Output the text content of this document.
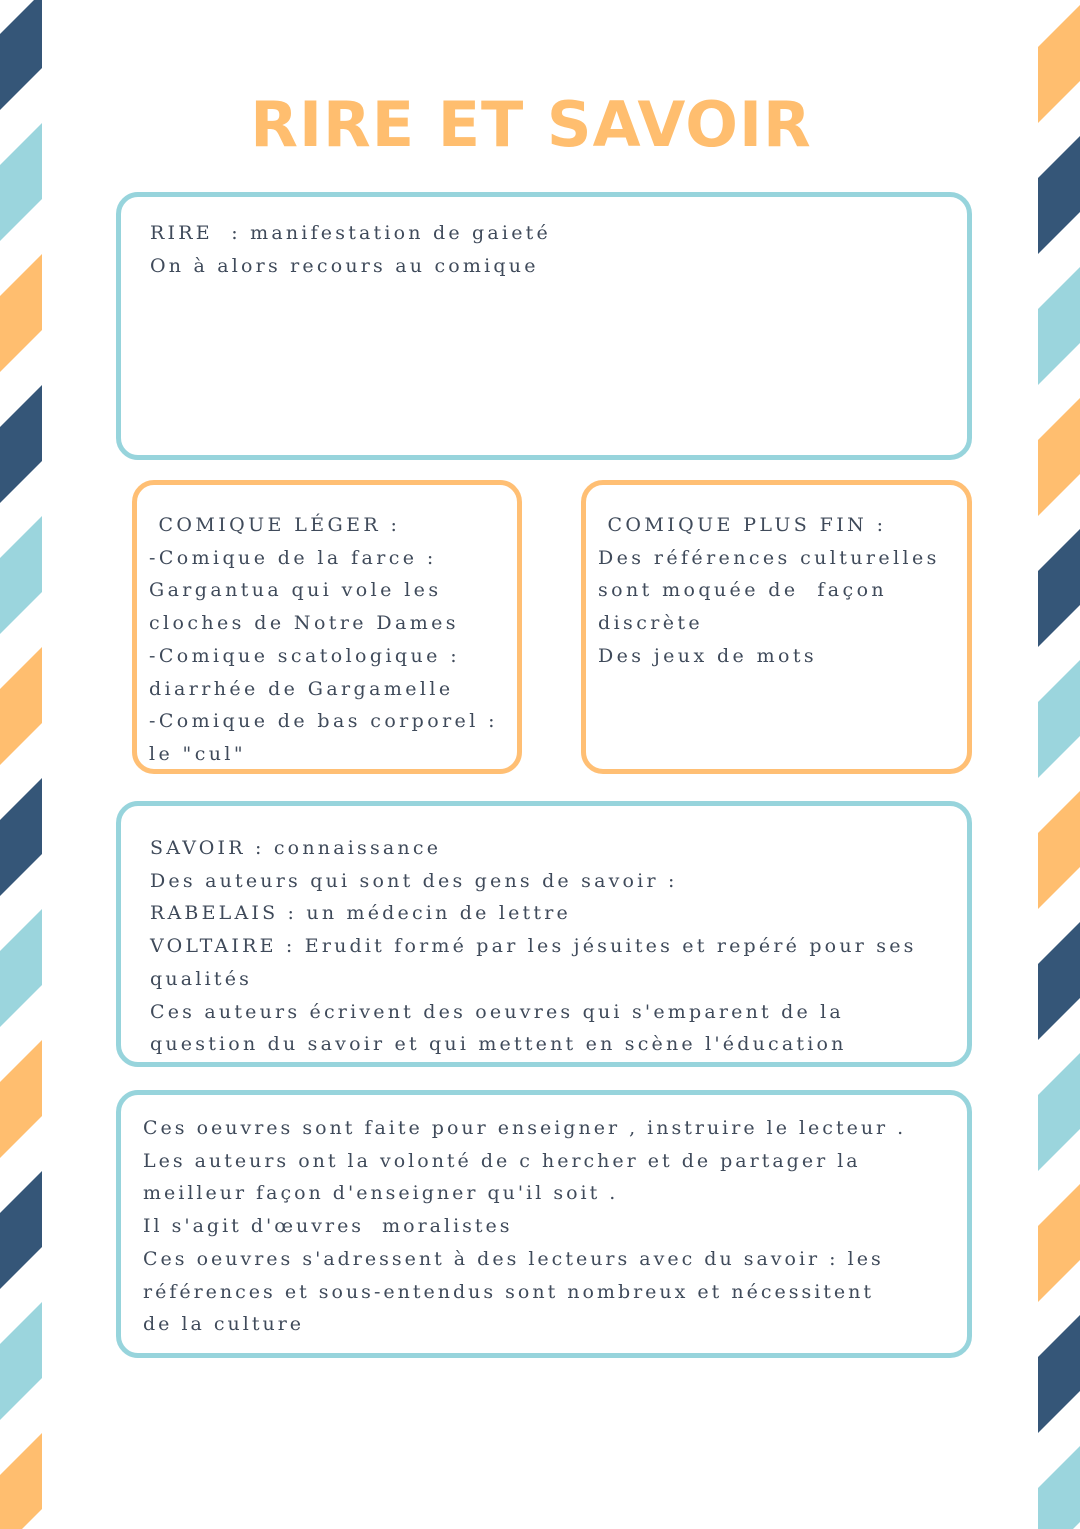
RIRE ET SAVOIR
RIRE  : manifestation de gaieté
On à alors recours au comique
COMIQUE LÉGER :
-Comique de la farce :
Gargantua qui vole les
cloches de Notre Dames
-Comique scatologique :
diarrhée de Gargamelle
-Comique de bas corporel :
le "cul"
COMIQUE PLUS FIN :
Des références culturelles
sont moquée de  façon
discrète
Des jeux de mots
SAVOIR : connaissance
Des auteurs qui sont des gens de savoir :
RABELAIS : un médecin de lettre
VOLTAIRE : Erudit formé par les jésuites et repéré pour ses
qualités
Ces auteurs écrivent des oeuvres qui s'emparent de la
question du savoir et qui mettent en scène l'éducation
Ces oeuvres sont faite pour enseigner , instruire le lecteur .
Les auteurs ont la volonté de c hercher et de partager la
meilleur façon d'enseigner qu'il soit .
Il s'agit d'œuvres  moralistes
Ces oeuvres s'adressent à des lecteurs avec du savoir : les
références et sous-entendus sont nombreux et nécessitent
de la culture
